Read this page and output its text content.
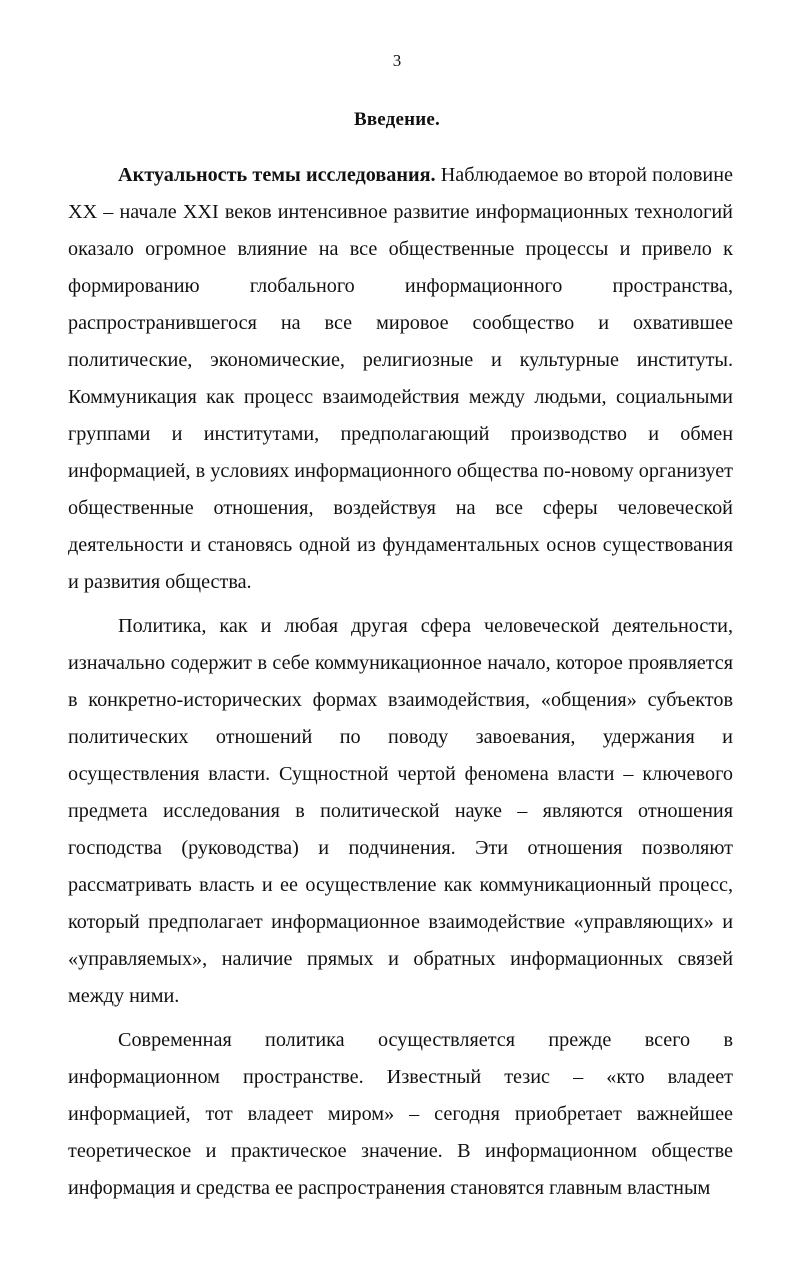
3
Введение.

Актуальность темы исследования. Наблюдаемое во второй половине XX – начале XXI веков интенсивное развитие информационных технологий оказало огромное влияние на все общественные процессы и привело к формированию глобального информационного пространства, распространившегося на все мировое сообщество и охватившее политические, экономические, религиозные и культурные институты. Коммуникация как процесс взаимодействия между людьми, социальными группами и институтами, предполагающий производство и обмен информацией, в условиях информационного общества по-новому организует общественные отношения, воздействуя на все сферы человеческой деятельности и становясь одной из фундаментальных основ существования и развития общества.

Политика, как и любая другая сфера человеческой деятельности, изначально содержит в себе коммуникационное начало, которое проявляется в конкретно-исторических формах взаимодействия, «общения» субъектов политических отношений по поводу завоевания, удержания и осуществления власти. Сущностной чертой феномена власти – ключевого предмета исследования в политической науке – являются отношения господства (руководства) и подчинения. Эти отношения позволяют рассматривать власть и ее осуществление как коммуникационный процесс, который предполагает информационное взаимодействие «управляющих» и «управляемых», наличие прямых и обратных информационных связей между ними.

Современная политика осуществляется прежде всего в информационном пространстве. Известный тезис – «кто владеет информацией, тот владеет миром» – сегодня приобретает важнейшее теоретическое и практическое значение. В информационном обществе информация и средства ее распространения становятся главным властным
